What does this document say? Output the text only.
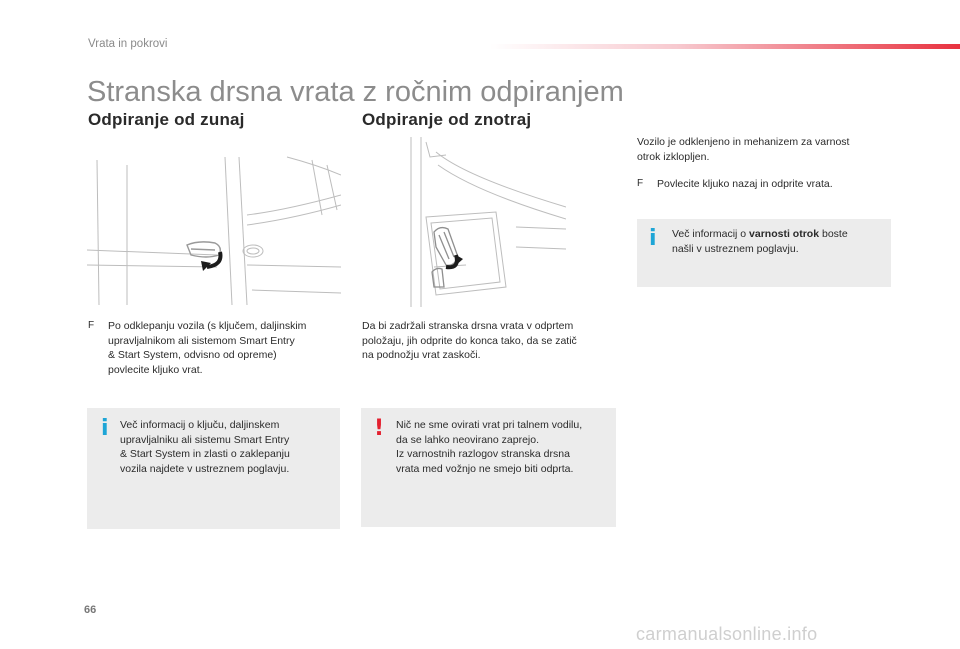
Vrata in pokrovi
Stranska drsna vrata z ročnim odpiranjem
Odpiranje od zunaj
F	Po odklepanju vozila (s ključem, daljinskim
upravljalnikom ali sistemom Smart Entry
& Start System, odvisno od opreme)
povlecite kljuko vrat.
i Več informacij o ključu, daljinskem
upravljalniku ali sistemu Smart Entry
& Start System in zlasti o zaklepanju
vozila najdete v ustreznem poglavju.
Odpiranje od znotraj
Da bi zadržali stranska drsna vrata v odprtem
položaju, jih odprite do konca tako, da se zatič
na podnožju vrat zaskoči.
! Nič ne sme ovirati vrat pri talnem vodilu,
da se lahko neovirano zaprejo.
Iz varnostnih razlogov stranska drsna
vrata med vožnjo ne smejo biti odprta.
Vozilo je odklenjeno in mehanizem za varnost
otrok izklopljen.
F	Povlecite kljuko nazaj in odprite vrata.
i Več informacij o varnosti otrok boste
našli v ustreznem poglavju.
66
carmanualsonline.info
